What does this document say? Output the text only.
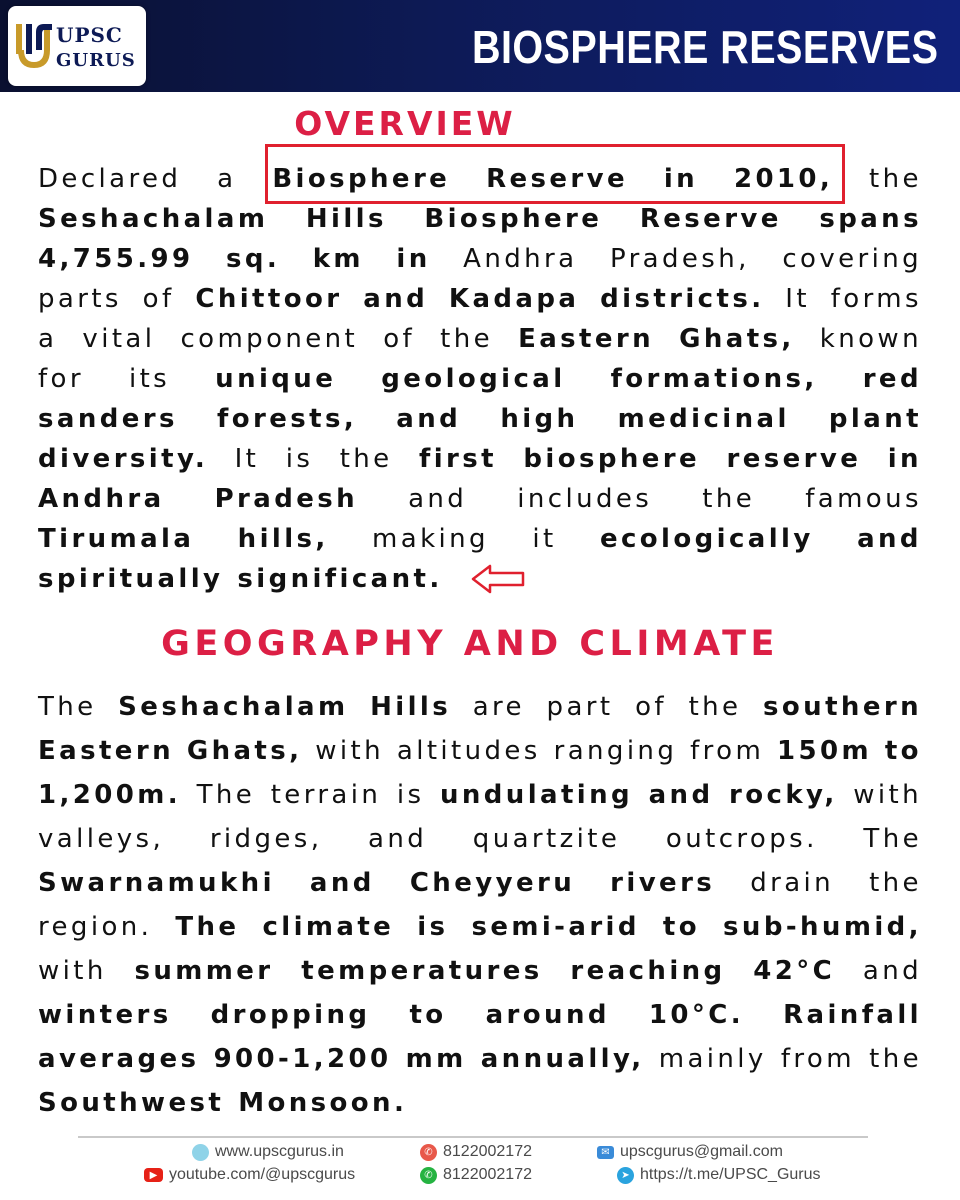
UPSC
GURUS	BIOSPHERE RESERVES
OVERVIEW
Declared a Biosphere Reserve in 2010, the
Seshachalam Hills Biosphere Reserve spans
4,755.99 sq. km in Andhra Pradesh, covering
parts of Chittoor and Kadapa districts. It forms
a vital component of the Eastern Ghats, known
for its unique geological formations, red
sanders forests, and high medicinal plant
diversity. It is the first biosphere reserve in
Andhra Pradesh and includes the famous
Tirumala hills, making it ecologically and
spiritually significant.
GEOGRAPHY AND CLIMATE
The Seshachalam Hills are part of the southern
Eastern Ghats, with altitudes ranging from 150m to
1,200m. The terrain is undulating and rocky, with
valleys, ridges, and quartzite outcrops. The
Swarnamukhi and Cheyyeru rivers drain the
region. The climate is semi-arid to sub-humid,
with summer temperatures reaching 42°C and
winters dropping to around 10°C. Rainfall
averages 900-1,200 mm annually, mainly from the
Southwest Monsoon.
www.upscgurus.in
▶ youtube.com/@upscgurus
✆ 8122002172
✆ 8122002172
✉ upscgurus@gmail.com
➤ https://t.me/UPSC_Gurus
